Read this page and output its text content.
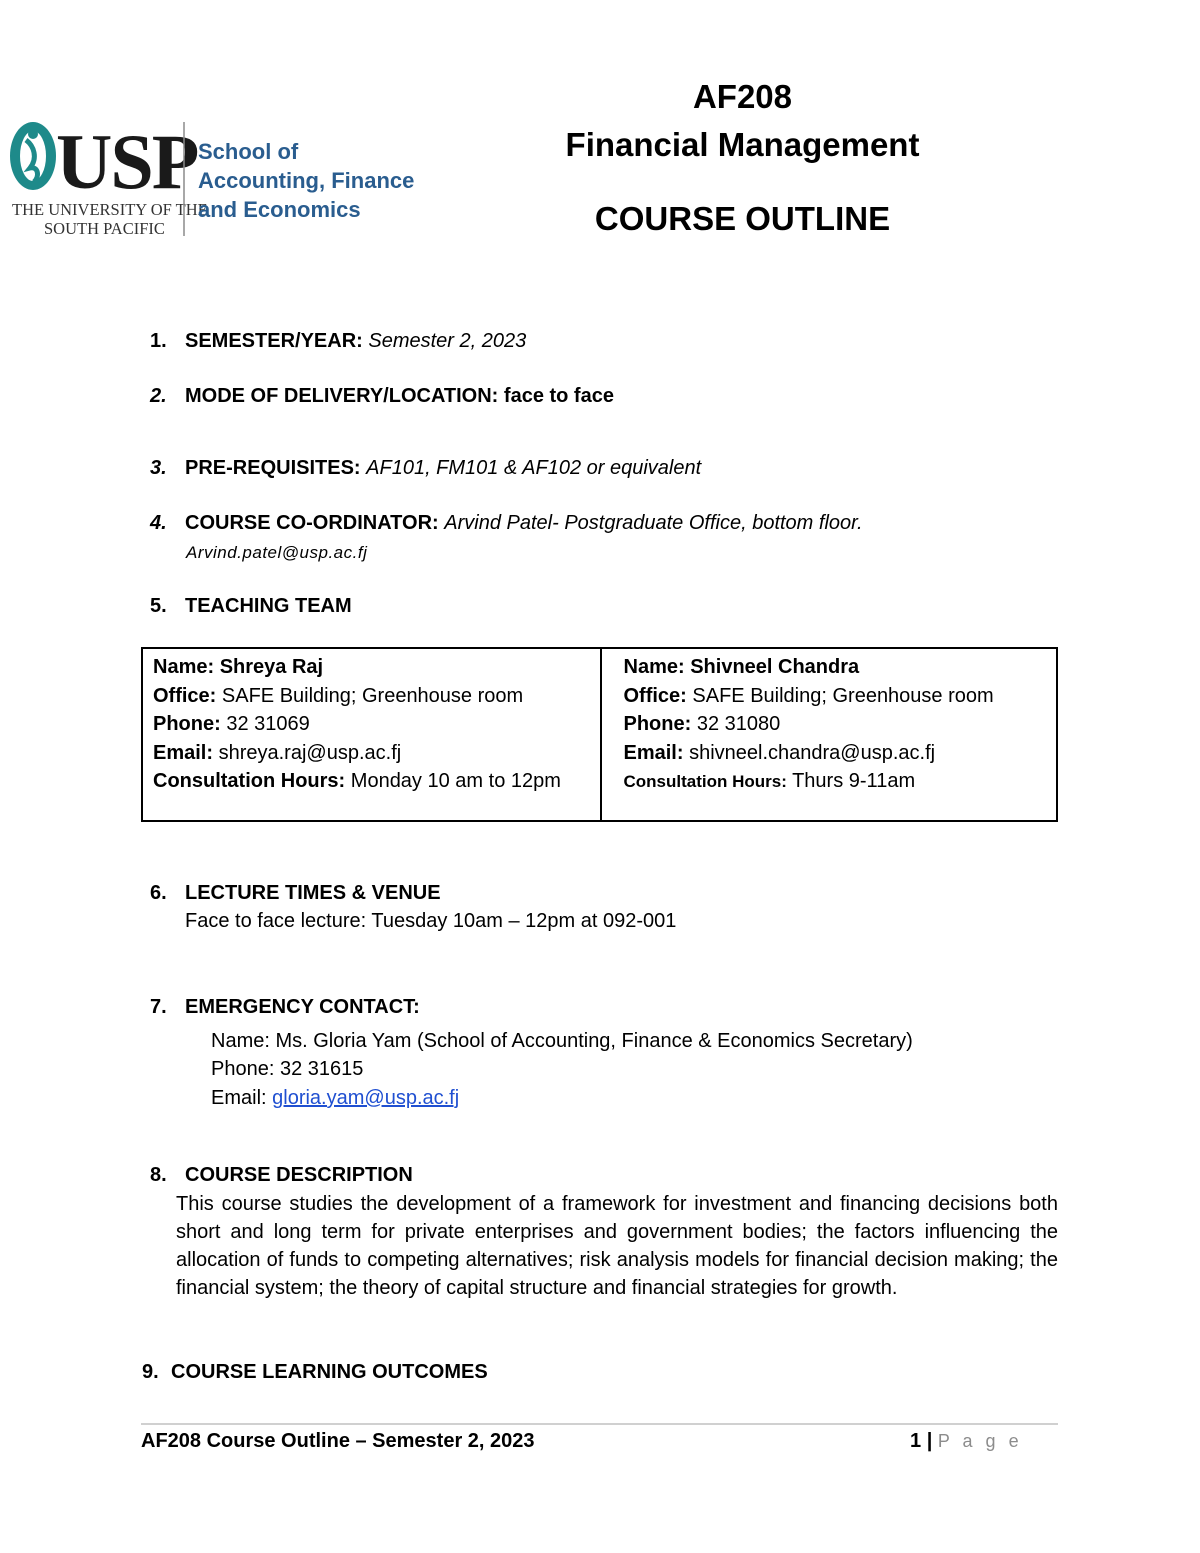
USP
THE UNIVERSITY OF THE
SOUTH PACIFIC
School of
Accounting, Finance
and Economics
AF208
Financial Management
COURSE OUTLINE
1. SEMESTER/YEAR: Semester 2, 2023
2. MODE OF DELIVERY/LOCATION: face to face
3. PRE-REQUISITES: AF101, FM101 & AF102 or equivalent
4. COURSE CO-ORDINATOR: Arvind Patel- Postgraduate Office, bottom floor.
Arvind.patel@usp.ac.fj
5. TEACHING TEAM
Name: Shreya Raj
Office: SAFE Building; Greenhouse room
Phone: 32 31069
Email: shreya.raj@usp.ac.fj
Consultation Hours: Monday 10 am to 12pm
Name: Shivneel Chandra
Office: SAFE Building; Greenhouse room
Phone: 32 31080
Email: shivneel.chandra@usp.ac.fj
Consultation Hours: Thurs 9-11am
6. LECTURE TIMES & VENUE
Face to face lecture: Tuesday 10am – 12pm at 092-001
7. EMERGENCY CONTACT:
Name: Ms. Gloria Yam (School of Accounting, Finance & Economics Secretary)
Phone: 32 31615
Email: gloria.yam@usp.ac.fj
8. COURSE DESCRIPTION
This course studies the development of a framework for investment and financing decisions both short and long term for private enterprises and government bodies; the factors influencing the allocation of funds to competing alternatives; risk analysis models for financial decision making; the financial system; the theory of capital structure and financial strategies for growth.
9. COURSE LEARNING OUTCOMES
AF208 Course Outline – Semester 2, 2023	1 | P a g e
